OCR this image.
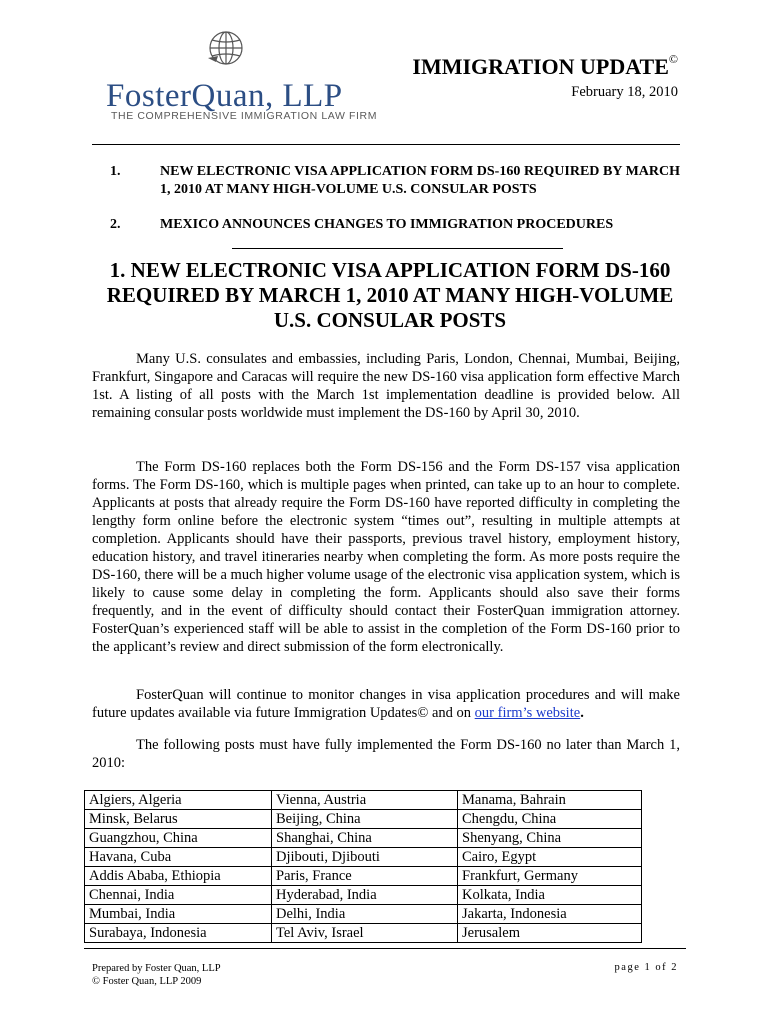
FosterQuan, LLP
THE COMPREHENSIVE IMMIGRATION LAW FIRM
IMMIGRATION UPDATE©
February 18, 2010
1.	NEW ELECTRONIC VISA APPLICATION FORM DS-160 REQUIRED BY MARCH 1, 2010 AT MANY HIGH-VOLUME U.S. CONSULAR POSTS
2.	MEXICO ANNOUNCES CHANGES TO IMMIGRATION PROCEDURES
1. NEW ELECTRONIC VISA APPLICATION FORM DS-160
REQUIRED BY MARCH 1, 2010 AT MANY HIGH-VOLUME
U.S. CONSULAR POSTS
Many U.S. consulates and embassies, including Paris, London, Chennai, Mumbai, Beijing, Frankfurt, Singapore and Caracas will require the new DS-160 visa application form effective March 1st. A listing of all posts with the March 1st implementation deadline is provided below. All remaining consular posts worldwide must implement the DS-160 by April 30, 2010.
The Form DS-160 replaces both the Form DS-156 and the Form DS-157 visa application forms. The Form DS-160, which is multiple pages when printed, can take up to an hour to complete. Applicants at posts that already require the Form DS-160 have reported difficulty in completing the lengthy form online before the electronic system “times out”, resulting in multiple attempts at completion. Applicants should have their passports, previous travel history, employment history, education history, and travel itineraries nearby when completing the form. As more posts require the DS-160, there will be a much higher volume usage of the electronic visa application system, which is likely to cause some delay in completing the form. Applicants should also save their forms frequently, and in the event of difficulty should contact their FosterQuan immigration attorney. FosterQuan’s experienced staff will be able to assist in the completion of the Form DS-160 prior to the applicant’s review and direct submission of the form electronically.
FosterQuan will continue to monitor changes in visa application procedures and will make future updates available via future Immigration Updates© and on our firm’s website.
The following posts must have fully implemented the Form DS-160 no later than March 1, 2010:
Algiers, Algeria	Vienna, Austria	Manama, Bahrain
Minsk, Belarus	Beijing, China	Chengdu, China
Guangzhou, China	Shanghai, China	Shenyang, China
Havana, Cuba	Djibouti, Djibouti	Cairo, Egypt
Addis Ababa, Ethiopia	Paris, France	Frankfurt, Germany
Chennai, India	Hyderabad, India	Kolkata, India
Mumbai, India	Delhi, India	Jakarta, Indonesia
Surabaya, Indonesia	Tel Aviv, Israel	Jerusalem
Prepared by Foster Quan, LLP
© Foster Quan, LLP 2009
page 1 of 2
